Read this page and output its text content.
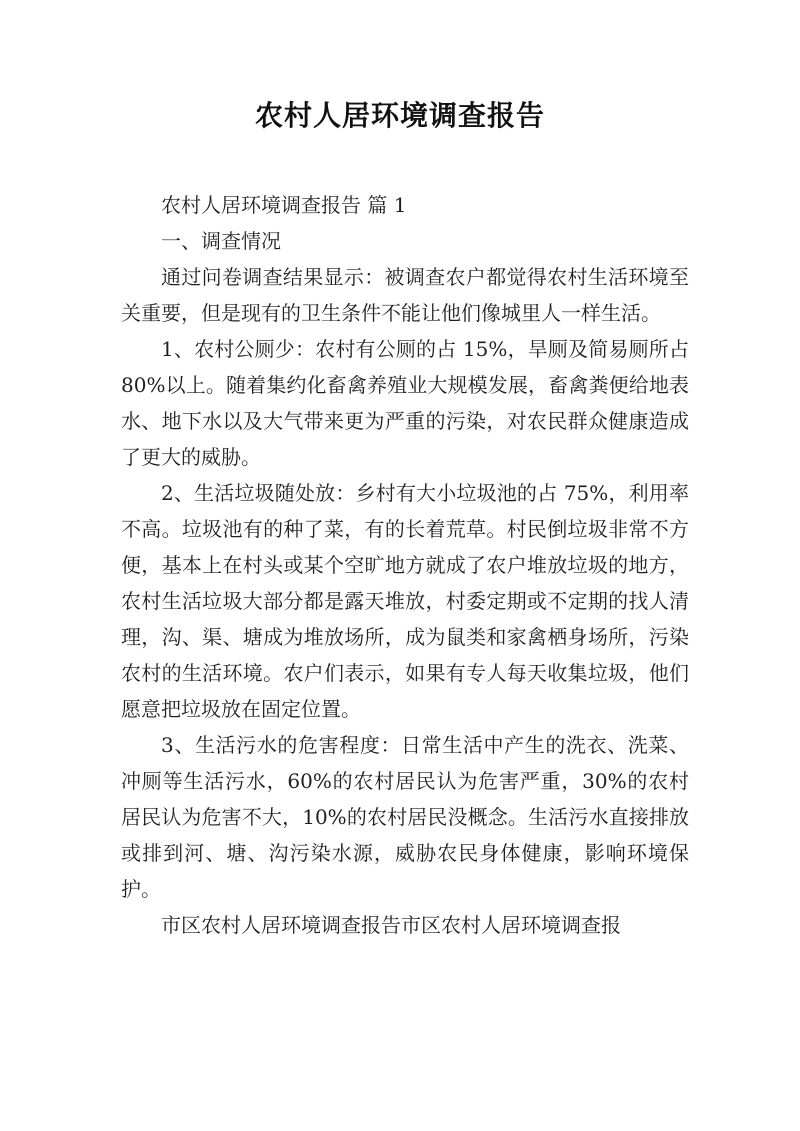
农村人居环境调查报告

农村人居环境调查报告 篇 1

一、调查情况

通过问卷调查结果显示：被调查农户都觉得农村生活环境至关重要，但是现有的卫生条件不能让他们像城里人一样生活。

1、农村公厕少：农村有公厕的占 15%，旱厕及简易厕所占 80%以上。随着集约化畜禽养殖业大规模发展，畜禽粪便给地表水、地下水以及大气带来更为严重的污染，对农民群众健康造成了更大的威胁。

2、生活垃圾随处放：乡村有大小垃圾池的占 75%，利用率不高。垃圾池有的种了菜，有的长着荒草。村民倒垃圾非常不方便，基本上在村头或某个空旷地方就成了农户堆放垃圾的地方，农村生活垃圾大部分都是露天堆放，村委定期或不定期的找人清理，沟、渠、塘成为堆放场所，成为鼠类和家禽栖身场所，污染农村的生活环境。农户们表示，如果有专人每天收集垃圾，他们愿意把垃圾放在固定位置。

3、生活污水的危害程度：日常生活中产生的洗衣、洗菜、冲厕等生活污水，60%的农村居民认为危害严重，30%的农村居民认为危害不大，10%的农村居民没概念。生活污水直接排放或排到河、塘、沟污染水源，威胁农民身体健康，影响环境保护。

市区农村人居环境调查报告市区农村人居环境调查报
